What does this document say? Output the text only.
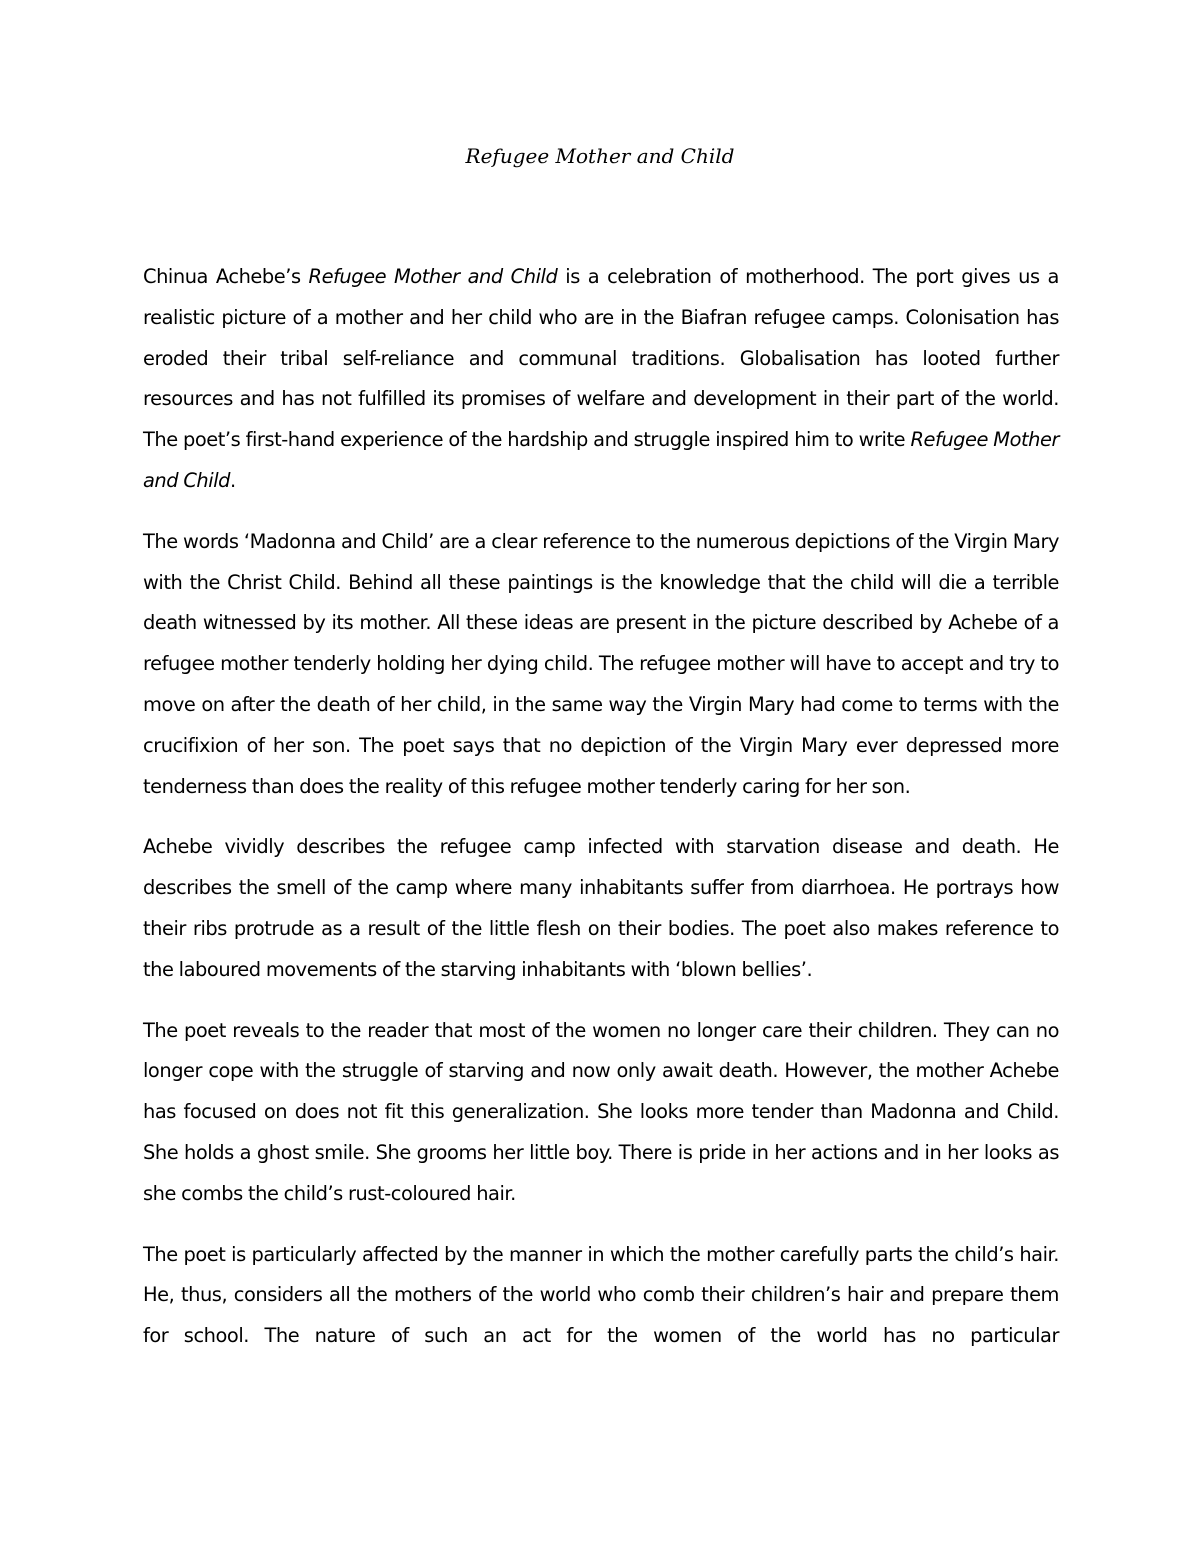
Refugee Mother and Child

Chinua Achebe’s Refugee Mother and Child is a celebration of motherhood. The port gives us a realistic picture of a mother and her child who are in the Biafran refugee camps. Colonisation has eroded their tribal self-reliance and communal traditions. Globalisation has looted further resources and has not fulfilled its promises of welfare and development in their part of the world. The poet’s first-hand experience of the hardship and struggle inspired him to write Refugee Mother and Child.

The words ‘Madonna and Child’ are a clear reference to the numerous depictions of the Virgin Mary with the Christ Child. Behind all these paintings is the knowledge that the child will die a terrible death witnessed by its mother. All these ideas are present in the picture described by Achebe of a refugee mother tenderly holding her dying child. The refugee mother will have to accept and try to move on after the death of her child, in the same way the Virgin Mary had come to terms with the crucifixion of her son. The poet says that no depiction of the Virgin Mary ever depressed more tenderness than does the reality of this refugee mother tenderly caring for her son.

Achebe vividly describes the refugee camp infected with starvation disease and death. He describes the smell of the camp where many inhabitants suffer from diarrhoea. He portrays how their ribs protrude as a result of the little flesh on their bodies. The poet also makes reference to the laboured movements of the starving inhabitants with ‘blown bellies’.

The poet reveals to the reader that most of the women no longer care their children. They can no longer cope with the struggle of starving and now only await death. However, the mother Achebe has focused on does not fit this generalization. She looks more tender than Madonna and Child. She holds a ghost smile. She grooms her little boy. There is pride in her actions and in her looks as she combs the child’s rust-coloured hair.

The poet is particularly affected by the manner in which the mother carefully parts the child’s hair. He, thus, considers all the mothers of the world who comb their children’s hair and prepare them for school. The nature of such an act for the women of the world has no particular
